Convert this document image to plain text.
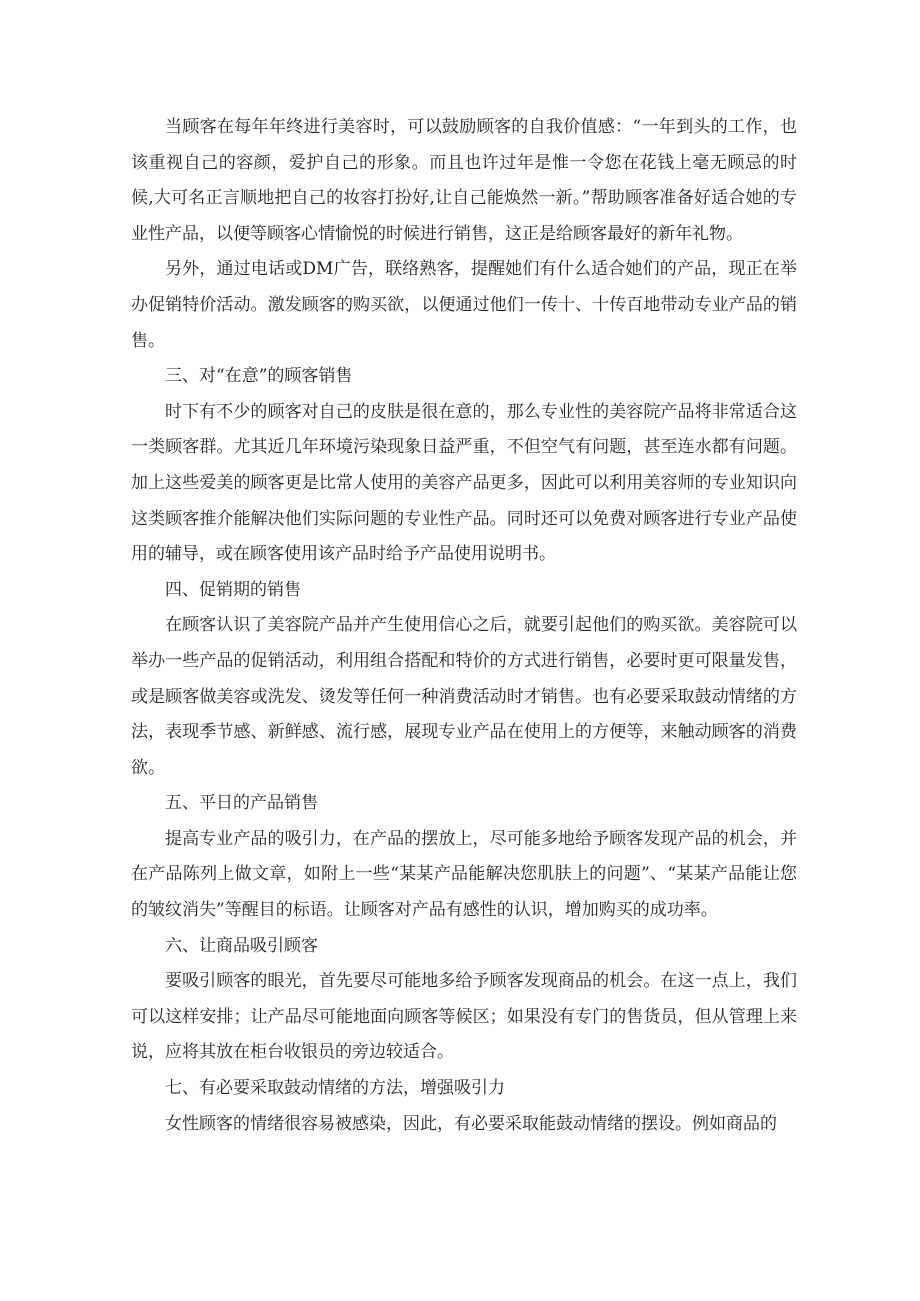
当顾客在每年年终进行美容时，可以鼓励顾客的自我价值感：“一年到头的工作，也该重视自己的容颜，爱护自己的形象。而且也许过年是惟一令您在花钱上毫无顾忌的时候,大可名正言顺地把自己的妆容打扮好,让自己能焕然一新。”帮助顾客准备好适合她的专业性产品，以便等顾客心情愉悦的时候进行销售，这正是给顾客最好的新年礼物。

另外，通过电话或DM广告，联络熟客，提醒她们有什么适合她们的产品，现正在举办促销特价活动。激发顾客的购买欲，以便通过他们一传十、十传百地带动专业产品的销售。

三、对“在意”的顾客销售

时下有不少的顾客对自己的皮肤是很在意的，那么专业性的美容院产品将非常适合这一类顾客群。尤其近几年环境污染现象日益严重，不但空气有问题，甚至连水都有问题。加上这些爱美的顾客更是比常人使用的美容产品更多，因此可以利用美容师的专业知识向这类顾客推介能解决他们实际问题的专业性产品。同时还可以免费对顾客进行专业产品使用的辅导，或在顾客使用该产品时给予产品使用说明书。

四、促销期的销售

在顾客认识了美容院产品并产生使用信心之后，就要引起他们的购买欲。美容院可以举办一些产品的促销活动，利用组合搭配和特价的方式进行销售，必要时更可限量发售，或是顾客做美容或洗发、烫发等任何一种消费活动时才销售。也有必要采取鼓动情绪的方法，表现季节感、新鲜感、流行感，展现专业产品在使用上的方便等，来触动顾客的消费欲。

五、平日的产品销售

提高专业产品的吸引力，在产品的摆放上，尽可能多地给予顾客发现产品的机会，并在产品陈列上做文章，如附上一些“某某产品能解决您肌肤上的问题”、“某某产品能让您的皱纹消失”等醒目的标语。让顾客对产品有感性的认识，增加购买的成功率。

六、让商品吸引顾客

要吸引顾客的眼光，首先要尽可能地多给予顾客发现商品的机会。在这一点上，我们可以这样安排；让产品尽可能地面向顾客等候区；如果没有专门的售货员，但从管理上来说，应将其放在柜台收银员的旁边较适合。

七、有必要采取鼓动情绪的方法，增强吸引力

女性顾客的情绪很容易被感染，因此，有必要采取能鼓动情绪的摆设。例如商品的
